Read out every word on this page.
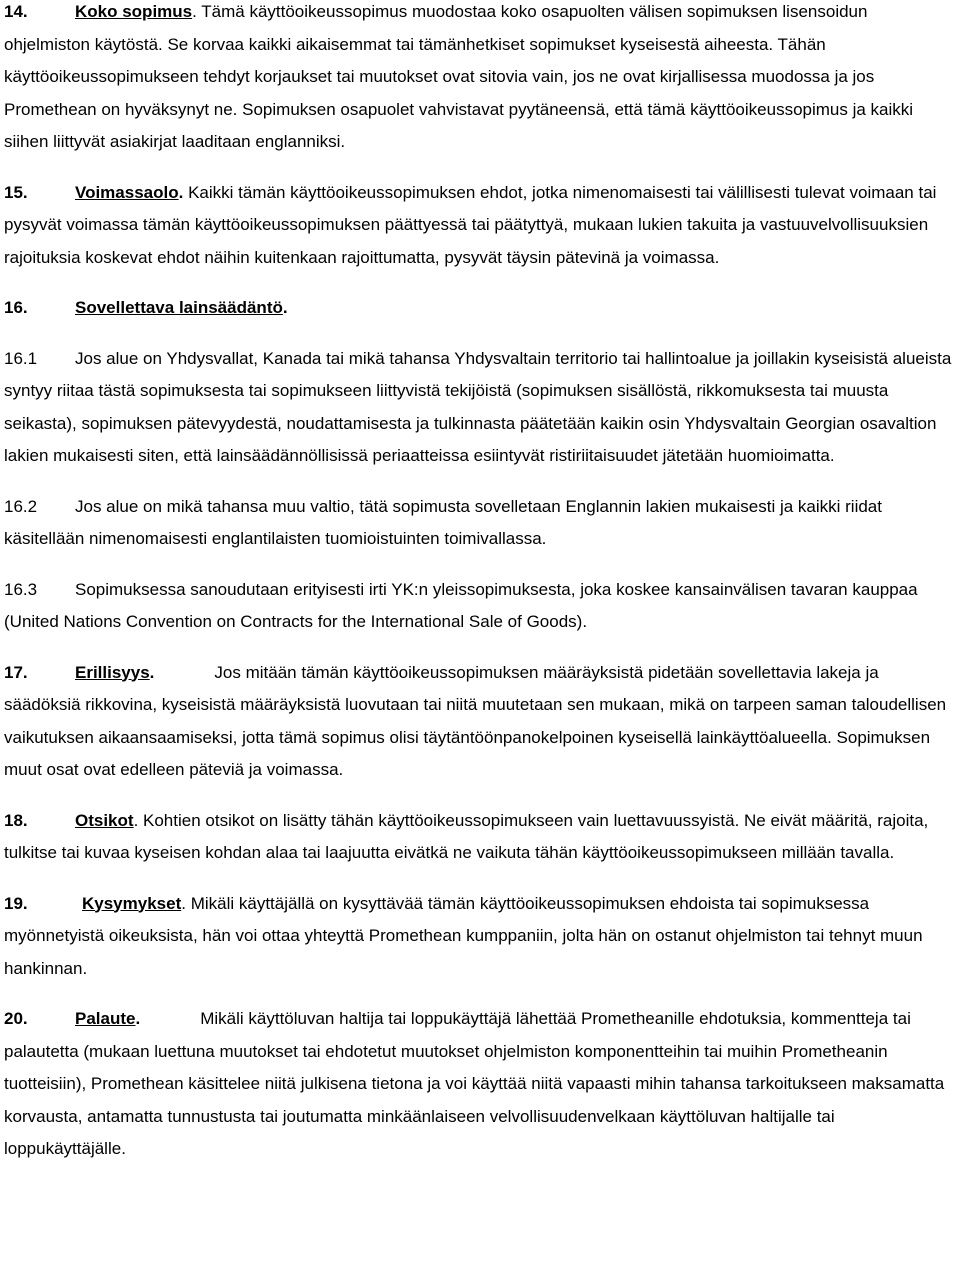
14.	Koko sopimus. Tämä käyttöoikeussopimus muodostaa koko osapuolten välisen sopimuksen lisensoidun ohjelmiston käytöstä. Se korvaa kaikki aikaisemmat tai tämänhetkiset sopimukset kyseisestä aiheesta. Tähän käyttöoikeussopimukseen tehdyt korjaukset tai muutokset ovat sitovia vain, jos ne ovat kirjallisessa muodossa ja jos Promethean on hyväksynyt ne. Sopimuksen osapuolet vahvistavat pyytäneensä, että tämä käyttöoikeussopimus ja kaikki siihen liittyvät asiakirjat laaditaan englanniksi.

15.	Voimassaolo. Kaikki tämän käyttöoikeussopimuksen ehdot, jotka nimenomaisesti tai välillisesti tulevat voimaan tai pysyvät voimassa tämän käyttöoikeussopimuksen päättyessä tai päätyttyä, mukaan lukien takuita ja vastuuvelvollisuuksien rajoituksia koskevat ehdot näihin kuitenkaan rajoittumatta, pysyvät täysin pätevinä ja voimassa.

16.	Sovellettava lainsäädäntö.

16.1 Jos alue on Yhdysvallat, Kanada tai mikä tahansa Yhdysvaltain territorio tai hallintoalue ja joillakin kyseisistä alueista syntyy riitaa tästä sopimuksesta tai sopimukseen liittyvistä tekijöistä (sopimuksen sisällöstä, rikkomuksesta tai muusta seikasta), sopimuksen pätevyydestä, noudattamisesta ja tulkinnasta päätetään kaikin osin Yhdysvaltain Georgian osavaltion lakien mukaisesti siten, että lainsäädännöllisissä periaatteissa esiintyvät ristiriitaisuudet jätetään huomioimatta.

16.2 Jos alue on mikä tahansa muu valtio, tätä sopimusta sovelletaan Englannin lakien mukaisesti ja kaikki riidat käsitellään nimenomaisesti englantilaisten tuomioistuinten toimivallassa.

16.3 Sopimuksessa sanoudutaan erityisesti irti YK:n yleissopimuksesta, joka koskee kansainvälisen tavaran kauppaa (United Nations Convention on Contracts for the International Sale of Goods).

17.	Erillisyys.	Jos mitään tämän käyttöoikeussopimuksen määräyksistä pidetään sovellettavia lakeja ja säädöksiä rikkovina, kyseisistä määräyksistä luovutaan tai niitä muutetaan sen mukaan, mikä on tarpeen saman taloudellisen vaikutuksen aikaansaamiseksi, jotta tämä sopimus olisi täytäntöönpanokelpoinen kyseisellä lainkäyttöalueella. Sopimuksen muut osat ovat edelleen päteviä ja voimassa.

18.	Otsikot. Kohtien otsikot on lisätty tähän käyttöoikeussopimukseen vain luettavuussyistä. Ne eivät määritä, rajoita, tulkitse tai kuvaa kyseisen kohdan alaa tai laajuutta eivätkä ne vaikuta tähän käyttöoikeussopimukseen millään tavalla.

19.	Kysymykset. Mikäli käyttäjällä on kysyttävää tämän käyttöoikeussopimuksen ehdoista tai sopimuksessa myönnetyistä oikeuksista, hän voi ottaa yhteyttä Promethean kumppaniin, jolta hän on ostanut ohjelmiston tai tehnyt muun hankinnan.

20.	Palaute.	Mikäli käyttöluvan haltija tai loppukäyttäjä lähettää Prometheanille ehdotuksia, kommentteja tai palautetta (mukaan luettuna muutokset tai ehdotetut muutokset ohjelmiston komponentteihin tai muihin Prometheanin tuotteisiin), Promethean käsittelee niitä julkisena tietona ja voi käyttää niitä vapaasti mihin tahansa tarkoitukseen maksamatta korvausta, antamatta tunnustusta tai joutumatta minkäänlaiseen velvollisuudenvelkaan käyttöluvan haltijalle tai loppukäyttäjälle.
